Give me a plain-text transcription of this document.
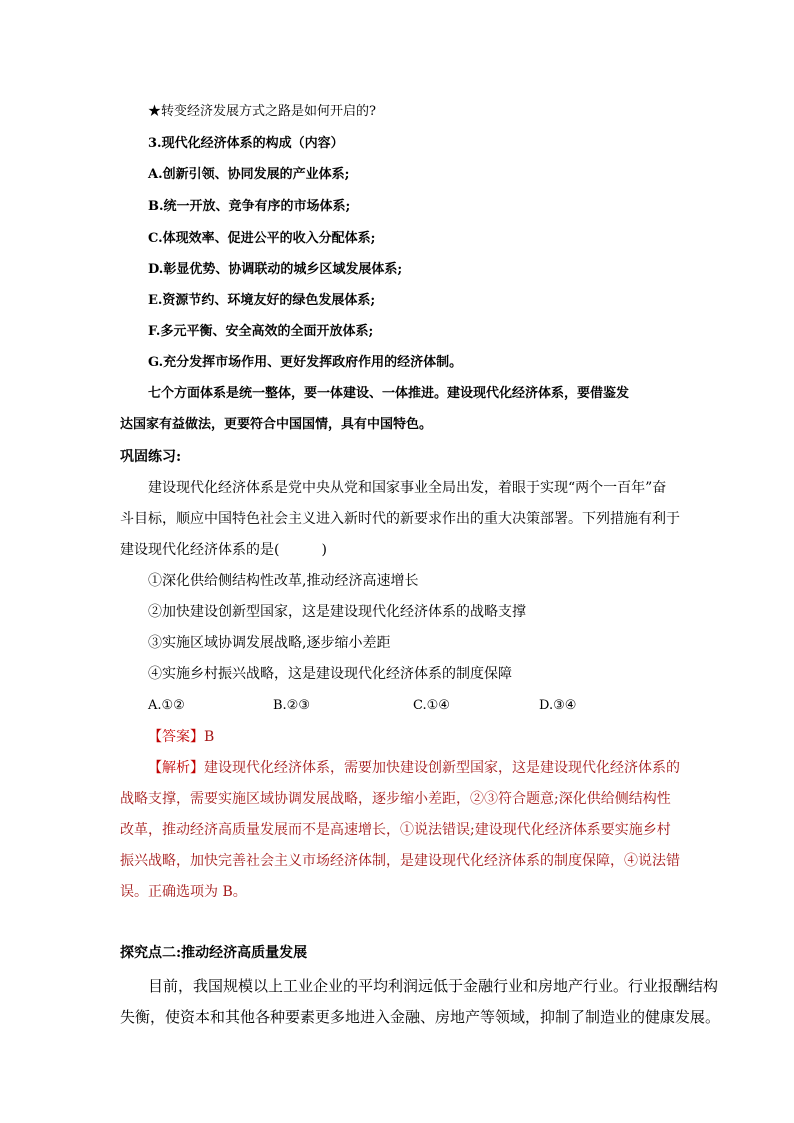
★转变经济发展方式之路是如何开启的?
3.现代化经济体系的构成（内容）
A.创新引领、协同发展的产业体系;
B.统一开放、竞争有序的市场体系;
C.体现效率、促进公平的收入分配体系;
D.彰显优势、协调联动的城乡区域发展体系;
E.资源节约、环境友好的绿色发展体系;
F.多元平衡、安全高效的全面开放体系;
G.充分发挥市场作用、更好发挥政府作用的经济体制。
七个方面体系是统一整体，要一体建设、一体推进。建设现代化经济体系，要借鉴发
达国家有益做法，更要符合中国国情，具有中国特色。
巩固练习:
建设现代化经济体系是党中央从党和国家事业全局出发，着眼于实现“两个一百年”奋
斗目标，顺应中国特色社会主义进入新时代的新要求作出的重大决策部署。下列措施有利于
建设现代化经济体系的是(　　　)
①深化供给侧结构性改革,推动经济高速增长
②加快建设创新型国家，这是建设现代化经济体系的战略支撑
③实施区域协调发展战略,逐步缩小差距
④实施乡村振兴战略，这是建设现代化经济体系的制度保障
A.①②	B.②③	C.①④	D.③④
【答案】B
【解析】建设现代化经济体系，需要加快建设创新型国家，这是建设现代化经济体系的
战略支撑，需要实施区域协调发展战略，逐步缩小差距，②③符合题意;深化供给侧结构性
改革，推动经济高质量发展而不是高速增长，①说法错误;建设现代化经济体系要实施乡村
振兴战略，加快完善社会主义市场经济体制，是建设现代化经济体系的制度保障，④说法错
误。正确选项为 B。
探究点二:推动经济高质量发展
目前，我国规模以上工业企业的平均利润远低于金融行业和房地产行业。行业报酬结构
失衡，使资本和其他各种要素更多地进入金融、房地产等领域，抑制了制造业的健康发展。
